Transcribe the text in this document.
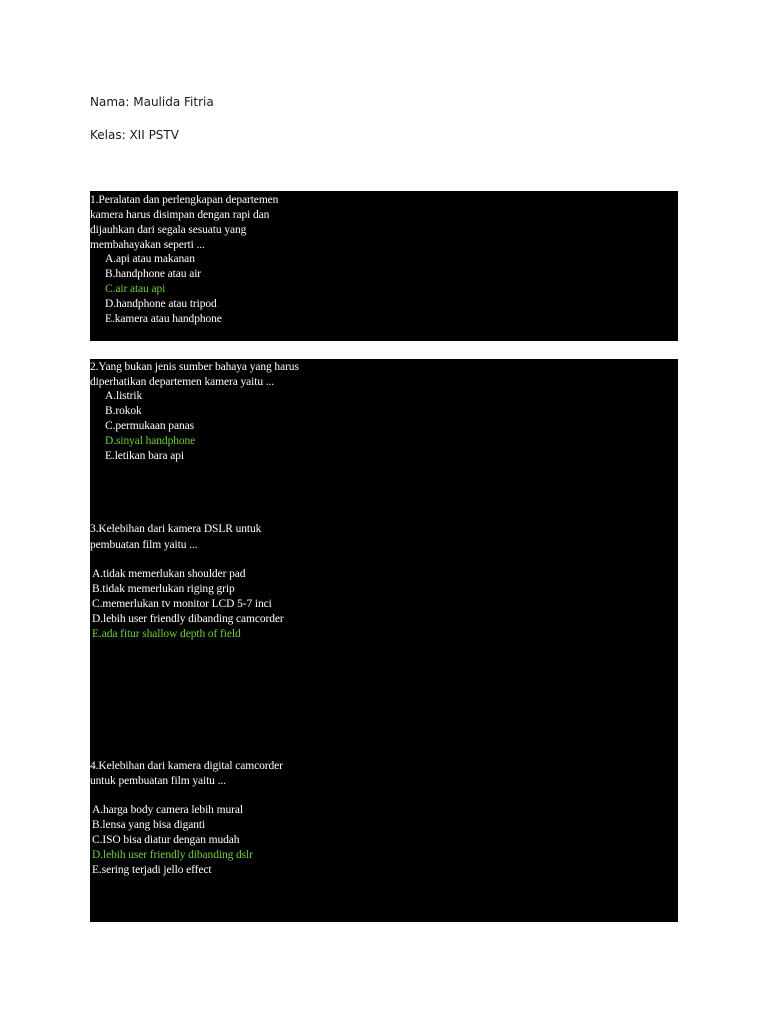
Nama: Maulida Fitria
Kelas: XII PSTV
1.Peralatan dan perlengkapan departemen
kamera harus disimpan dengan rapi dan
dijauhkan dari segala sesuatu yang
membahayakan seperti ...
A.api atau makanan
B.handphone atau air
C.air atau api
D.handphone atau tripod
E.kamera atau handphone
2.Yang bukan jenis sumber bahaya yang harus
diperhatikan departemen kamera yaitu ...
A.listrik
B.rokok
C.permukaan panas
D.sinyal handphone
E.letikan bara api
3.Kelebihan dari kamera DSLR untuk
pembuatan film yaitu ...
A.tidak memerlukan shoulder pad
B.tidak memerlukan riging grip
C.memerlukan tv monitor LCD 5-7 inci
D.lebih user friendly dibanding camcorder
E.ada fitur shallow depth of field
4.Kelebihan dari kamera digital camcorder
untuk pembuatan film yaitu ...
A.harga body camera lebih mural
B.lensa yang bisa diganti
C.ISO bisa diatur dengan mudah
D.lebih user friendly dibanding dslr
E.sering terjadi jello effect
